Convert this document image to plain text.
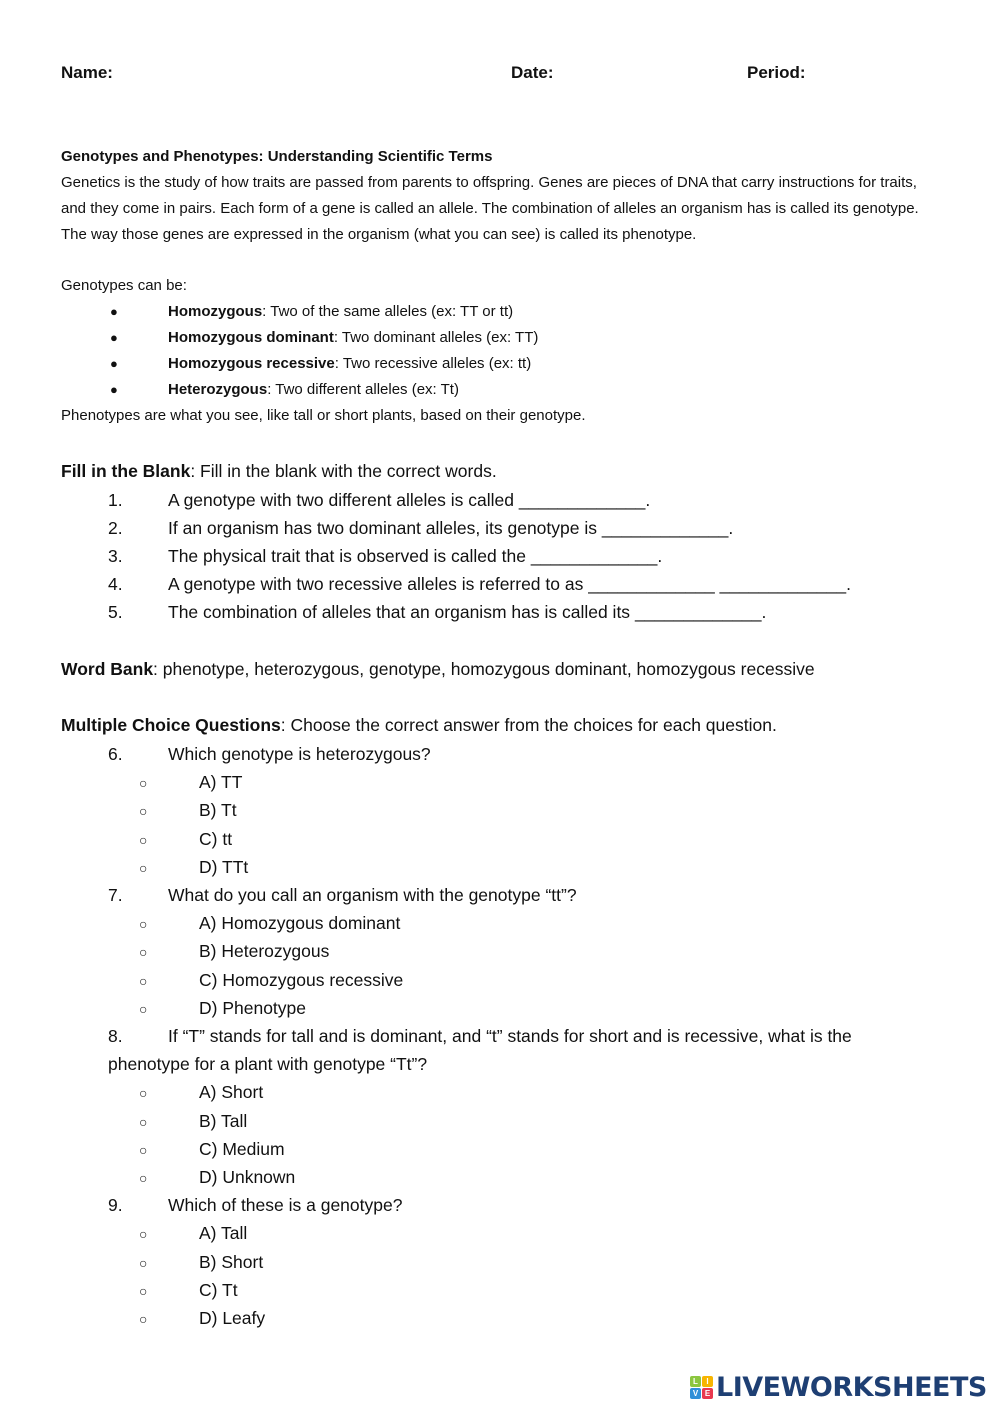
Name:	Date:	Period:
Genotypes and Phenotypes: Understanding Scientific Terms
Genetics is the study of how traits are passed from parents to offspring. Genes are pieces of DNA that carry instructions for traits, and they come in pairs. Each form of a gene is called an allele. The combination of alleles an organism has is called its genotype. The way those genes are expressed in the organism (what you can see) is called its phenotype.
Genotypes can be:
●	Homozygous: Two of the same alleles (ex: TT or tt)
●	Homozygous dominant: Two dominant alleles (ex: TT)
●	Homozygous recessive: Two recessive alleles (ex: tt)
●	Heterozygous: Two different alleles (ex: Tt)
Phenotypes are what you see, like tall or short plants, based on their genotype.
Fill in the Blank: Fill in the blank with the correct words.
1.	A genotype with two different alleles is called _____________.
2.	If an organism has two dominant alleles, its genotype is _____________.
3.	The physical trait that is observed is called the _____________.
4.	A genotype with two recessive alleles is referred to as _____________ _____________.
5.	The combination of alleles that an organism has is called its _____________.
Word Bank: phenotype, heterozygous, genotype, homozygous dominant, homozygous recessive
Multiple Choice Questions: Choose the correct answer from the choices for each question.
6.	Which genotype is heterozygous?
○	A) TT
○	B) Tt
○	C) tt
○	D) TTt
7.	What do you call an organism with the genotype “tt”?
○	A) Homozygous dominant
○	B) Heterozygous
○	C) Homozygous recessive
○	D) Phenotype
8.	If “T” stands for tall and is dominant, and “t” stands for short and is recessive, what is the
phenotype for a plant with genotype “Tt”?
○	A) Short
○	B) Tall
○	C) Medium
○	D) Unknown
9.	Which of these is a genotype?
○	A) Tall
○	B) Short
○	C) Tt
○	D) Leafy
L	I
V E LIVEWORKSHEETS
